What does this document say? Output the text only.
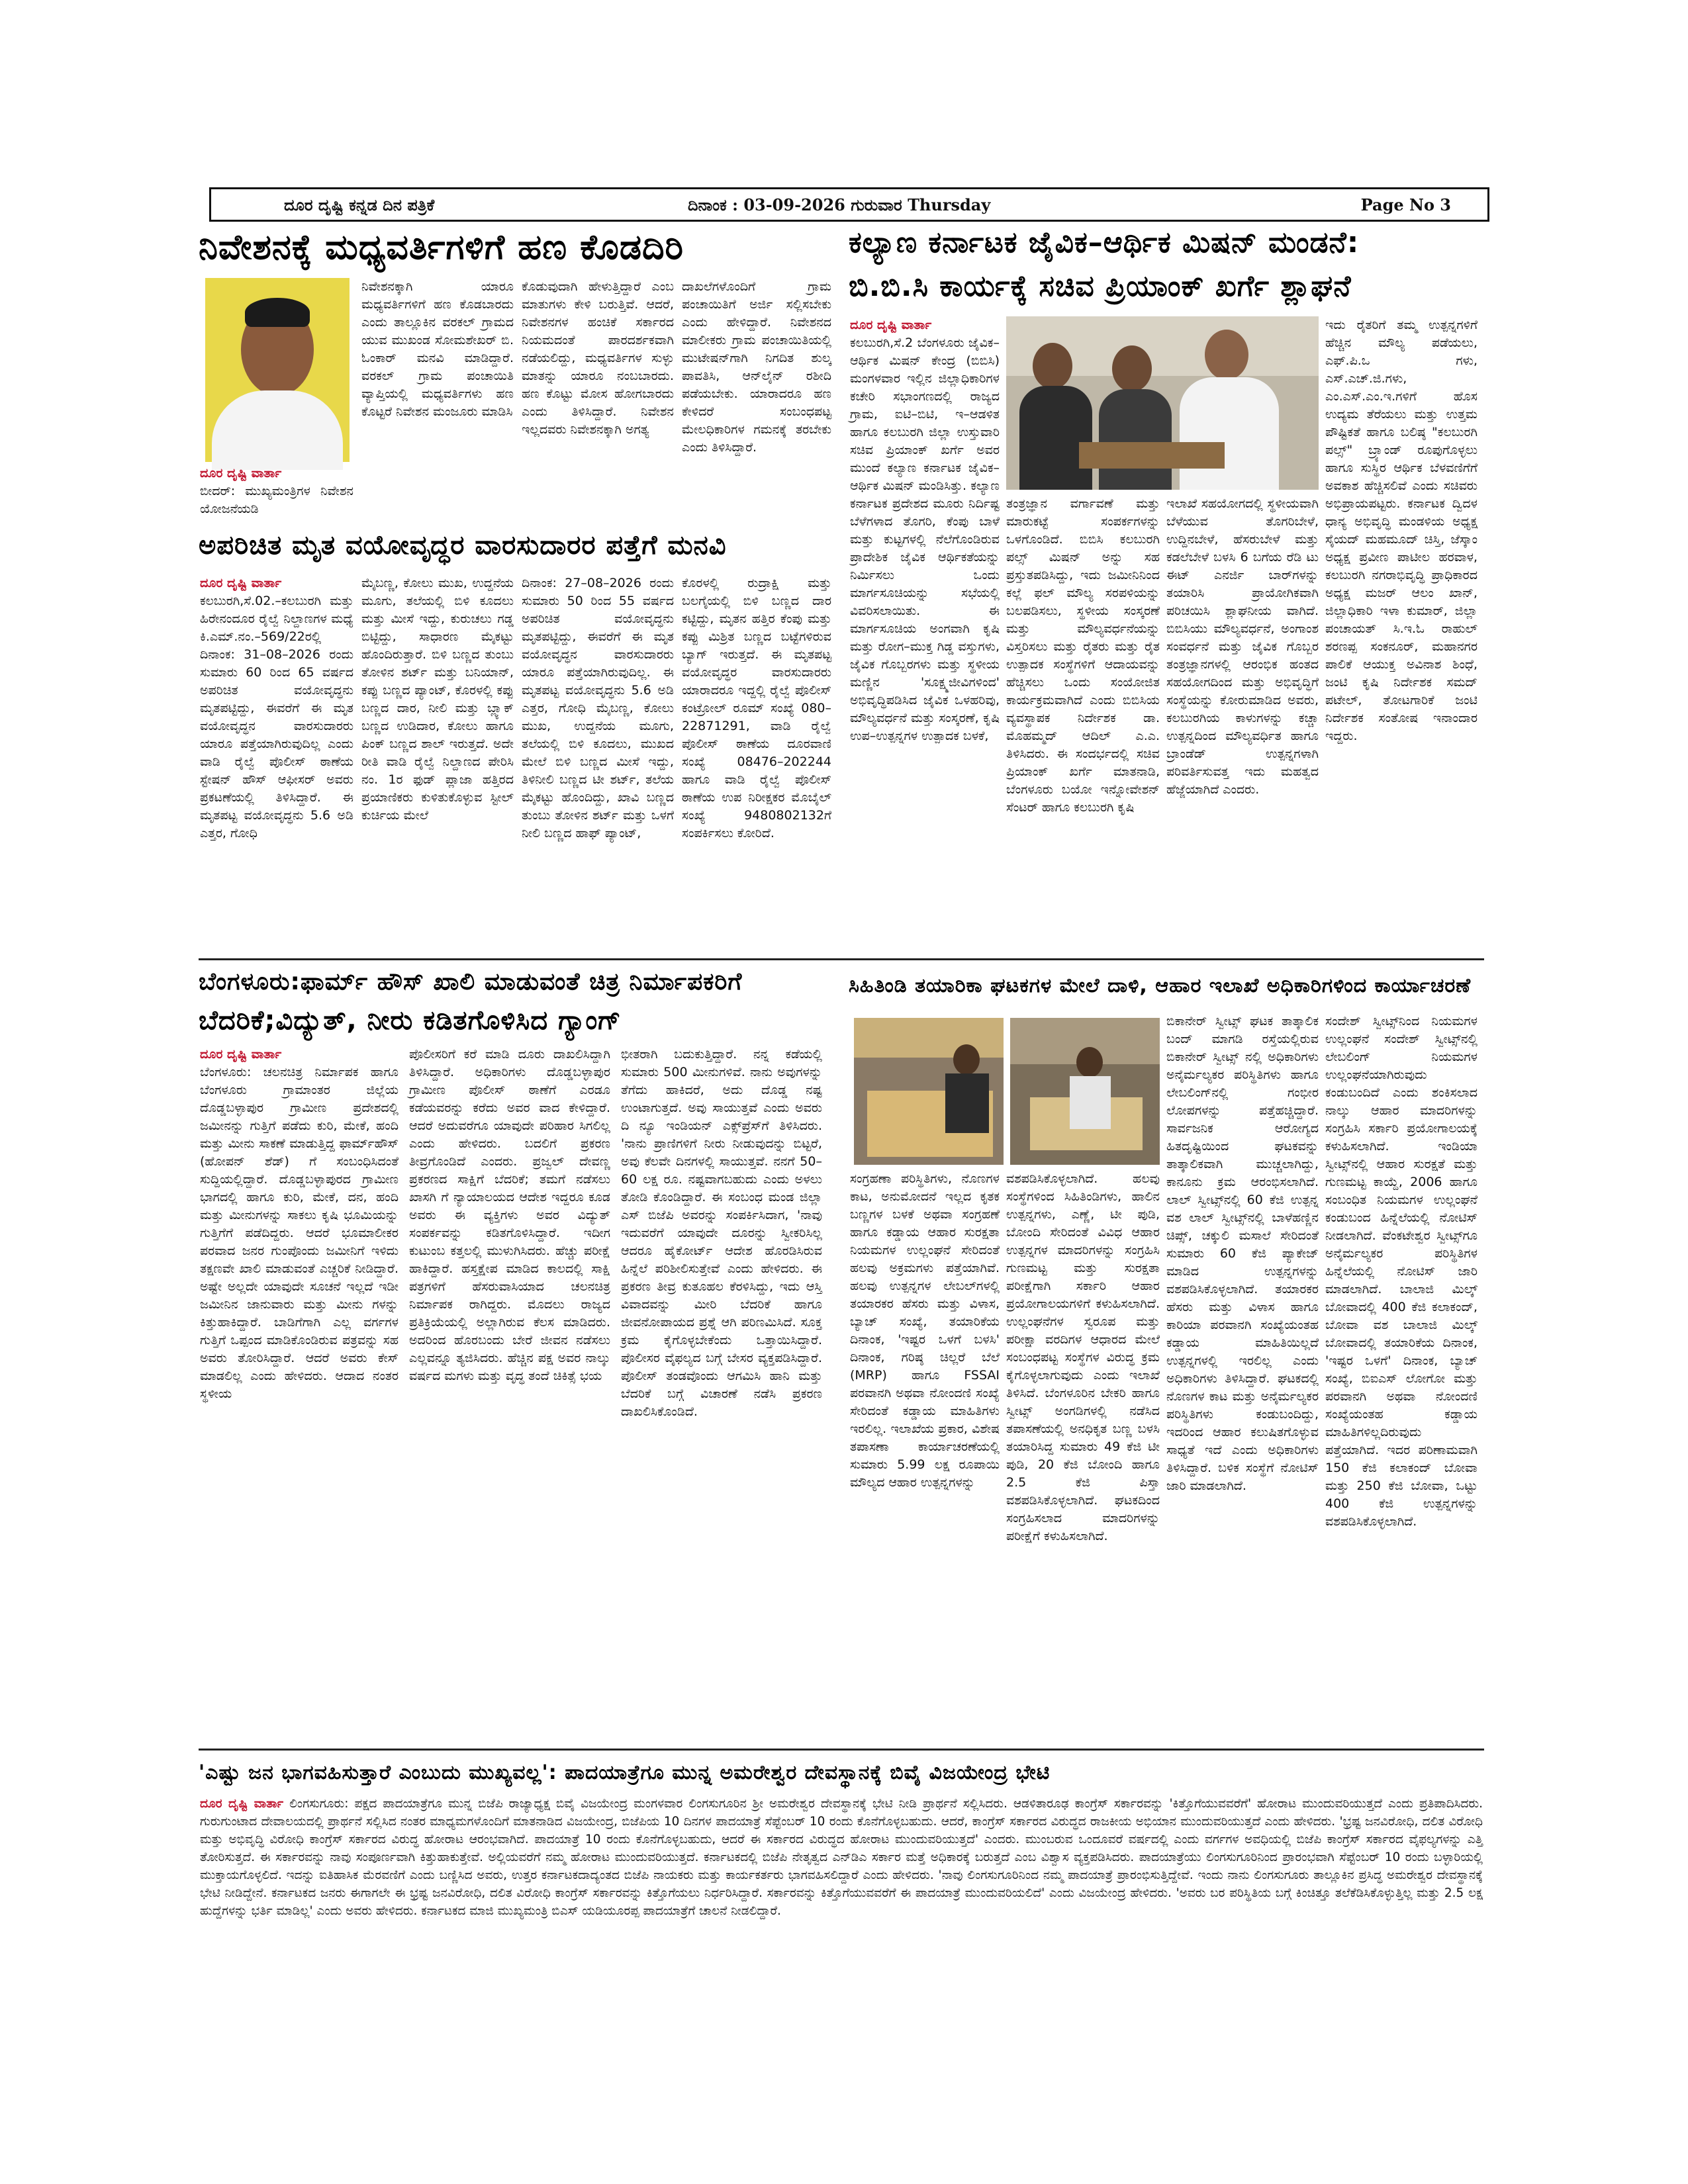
ದೂರ ದೃಷ್ಟಿ ಕನ್ನಡ ದಿನ ಪತ್ರಿಕೆ	ದಿನಾಂಕ : 03-09-2026 ಗುರುವಾರ Thursday	Page No 3
ನಿವೇಶನಕ್ಕೆ ಮಧ್ಯವರ್ತಿಗಳಿಗೆ ಹಣ ಕೊಡದಿರಿ

ದೂರ ದೃಷ್ಟಿ ವಾರ್ತಾ

ಬೀದರ್: ಮುಖ್ಯಮಂತ್ರಿಗಳ ನಿವೇಶನ ಯೋಜನೆಯಡಿ

ನಿವೇಶನಕ್ಕಾಗಿ ಯಾರೂ ಮಧ್ಯವರ್ತಿಗಳಿಗೆ ಹಣ ಕೊಡಬಾರದು ಎಂದು ತಾಲ್ಲೂಕಿನ ವರಕಲ್ ಗ್ರಾಮದ ಯುವ ಮುಖಂಡ ಸೋಮಶೇಖರ್ ಬಿ. ಓಂಕಾರ್ ಮನವಿ ಮಾಡಿದ್ದಾರೆ. ವರಕಲ್ ಗ್ರಾಮ ಪಂಚಾಯಿತಿ ವ್ಯಾಪ್ತಿಯಲ್ಲಿ ಮಧ್ಯವರ್ತಿಗಳು ಹಣ ಕೊಟ್ಟರೆ ನಿವೇಶನ ಮಂಜೂರು ಮಾಡಿಸಿ

ಕೊಡುವುದಾಗಿ ಹೇಳುತ್ತಿದ್ದಾರೆ ಎಂಬ ಮಾತುಗಳು ಕೇಳಿ ಬರುತ್ತಿವೆ. ಆದರೆ, ನಿವೇಶನಗಳ ಹಂಚಿಕೆ ಸರ್ಕಾರದ ನಿಯಮದಂತೆ ಪಾರದರ್ಶಕವಾಗಿ ನಡೆಯಲಿದ್ದು, ಮಧ್ಯವರ್ತಿಗಳ ಸುಳ್ಳು ಮಾತನ್ನು ಯಾರೂ ನಂಬಬಾರದು. ಹಣ ಕೊಟ್ಟು ಮೋಸ ಹೋಗಬಾರದು ಎಂದು ತಿಳಿಸಿದ್ದಾರೆ. ನಿವೇಶನ ಇಲ್ಲದವರು ನಿವೇಶನಕ್ಕಾಗಿ ಅಗತ್ಯ

ದಾಖಲೆಗಳೊಂದಿಗೆ ಗ್ರಾಮ ಪಂಚಾಯಿತಿಗೆ ಅರ್ಜಿ ಸಲ್ಲಿಸಬೇಕು ಎಂದು ಹೇಳಿದ್ದಾರೆ. ನಿವೇಶನದ ಮಾಲೀಕರು ಗ್ರಾಮ ಪಂಚಾಯಿತಿಯಲ್ಲಿ ಮುಟೇಷನ್‌ಗಾಗಿ ನಿಗದಿತ ಶುಲ್ಕ ಪಾವತಿಸಿ, ಆನ್‌ಲೈನ್ ರಶೀದಿ ಪಡೆಯಬೇಕು. ಯಾರಾದರೂ ಹಣ ಕೇಳಿದರೆ ಸಂಬಂಧಪಟ್ಟ ಮೇಲಧಿಕಾರಿಗಳ ಗಮನಕ್ಕೆ ತರಬೇಕು ಎಂದು ತಿಳಿಸಿದ್ದಾರೆ.

ಅಪರಿಚಿತ ಮೃತ ವಯೋವೃದ್ಧರ ವಾರಸುದಾರರ ಪತ್ತೆಗೆ ಮನವಿ

ದೂರ ದೃಷ್ಟಿ ವಾರ್ತಾ

ಕಲಬುರಗಿ,ಸೆ.02.–ಕಲಬುರಗಿ ಮತ್ತು ಹಿರೇನಂದೂರ ರೈಲ್ವೆ ನಿಲ್ದಾಣಗಳ ಮಧ್ಯೆ ಕಿ.ಎಮ್.ನಂ.–569/22ರಲ್ಲಿ ದಿನಾಂಕ: 31–08–2026 ರಂದು ಸುಮಾರು 60 ರಿಂದ 65 ವರ್ಷದ ಅಪರಿಚಿತ ವಯೋವೃದ್ಧನು ಮೃತಪಟ್ಟಿದ್ದು, ಈವರೆಗೆ ಈ ಮೃತ ವಯೋವೃದ್ಧನ ವಾರಸುದಾರರು ಯಾರೂ ಪತ್ತೆಯಾಗಿರುವುದಿಲ್ಲ ಎಂದು ವಾಡಿ ರೈಲ್ವೆ ಪೊಲೀಸ್ ಠಾಣೆಯ ಸ್ಟೇಷನ್ ಹೌಸ್ ಆಫೀಸರ್ ಅವರು ಪ್ರಕಟಣೆಯಲ್ಲಿ ತಿಳಿಸಿದ್ದಾರೆ. ಈ ಮೃತಪಟ್ಟ ವಯೋವೃದ್ಧನು 5.6 ಅಡಿ ಎತ್ತರ, ಗೋಧಿ

ಮೈಬಣ್ಣ, ಕೋಲು ಮುಖ, ಉದ್ದನೆಯ ಮೂಗು, ತಲೆಯಲ್ಲಿ ಬಿಳಿ ಕೂದಲು ಮತ್ತು ಮೀಸೆ ಇದ್ದು, ಕುರುಚಲು ಗಡ್ಡ ಬಿಟ್ಟಿದ್ದು, ಸಾಧಾರಣ ಮೈಕಟ್ಟು ಹೊಂದಿರುತ್ತಾರೆ. ಬಿಳಿ ಬಣ್ಣದ ತುಂಬು ತೋಳಿನ ಶರ್ಟ್ ಮತ್ತು ಬನಿಯಾನ್, ಕಪ್ಪು ಬಣ್ಣದ ಪ್ಯಾಂಟ್, ಕೊರಳಲ್ಲಿ ಕಪ್ಪು ಬಣ್ಣದ ದಾರ, ನೀಲಿ ಮತ್ತು ಬ್ಲ್ಯಾಕ್ ಬಣ್ಣದ ಉಡಿದಾರ, ಕೋಲು ಹಾಗೂ ಪಿಂಕ್ ಬಣ್ಣದ ಶಾಲ್ ಇರುತ್ತದೆ. ಅದೇ ರೀತಿ ವಾಡಿ ರೈಲ್ವೆ ನಿಲ್ದಾಣದ ಪೇರಿಸಿ ನಂ. 1ರ ಫುಡ್ ಪ್ಲಾಜಾ ಹತ್ತಿರದ ಪ್ರಯಾಣಿಕರು ಕುಳಿತುಕೊಳ್ಳುವ ಸ್ಟೀಲ್ ಕುರ್ಚಿಯ ಮೇಲೆ

ದಿನಾಂಕ: 27–08–2026 ರಂದು ಸುಮಾರು 50 ರಿಂದ 55 ವರ್ಷದ ಅಪರಿಚಿತ ವಯೋವೃದ್ಧನು ಮೃತಪಟ್ಟಿದ್ದು, ಈವರೆಗೆ ಈ ಮೃತ ವಯೋವೃದ್ಧನ ವಾರಸುದಾರರು ಯಾರೂ ಪತ್ತೆಯಾಗಿರುವುದಿಲ್ಲ. ಈ ಮೃತಪಟ್ಟ ವಯೋವೃದ್ಧನು 5.6 ಅಡಿ ಎತ್ತರ, ಗೋಧಿ ಮೈಬಣ್ಣ, ಕೋಲು ಮುಖ, ಉದ್ದನೆಯ ಮೂಗು, ತಲೆಯಲ್ಲಿ ಬಿಳಿ ಕೂದಲು, ಮುಖದ ಮೇಲೆ ಬಿಳಿ ಬಣ್ಣದ ಮೀಸೆ ಇದ್ದು, ತಿಳಿನೀಲಿ ಬಣ್ಣದ ಟೀ ಶರ್ಟ್, ತಲೆಯ ಮೈಕಟ್ಟು ಹೊಂದಿದ್ದು, ಖಾವಿ ಬಣ್ಣದ ತುಂಬು ತೋಳಿನ ಶರ್ಟ್ ಮತ್ತು ಒಳಗೆ ನೀಲಿ ಬಣ್ಣದ ಹಾಫ್ ಪ್ಯಾಂಟ್,

ಕೊರಳಲ್ಲಿ ರುದ್ರಾಕ್ಷಿ ಮತ್ತು ಬಲಗೈಯಲ್ಲಿ ಬಿಳಿ ಬಣ್ಣದ ದಾರ ಕಟ್ಟಿದ್ದು, ಮೃತನ ಹತ್ತಿರ ಕೆಂಪು ಮತ್ತು ಕಪ್ಪು ಮಿಶ್ರಿತ ಬಣ್ಣದ ಬಟ್ಟೆಗಳಿರುವ ಬ್ಯಾಗ್ ಇರುತ್ತದೆ. ಈ ಮೃತಪಟ್ಟ ವಯೋವೃದ್ಧರ ವಾರಸುದಾರರು ಯಾರಾದರೂ ಇದ್ದಲ್ಲಿ ರೈಲ್ವೆ ಪೊಲೀಸ್ ಕಂಟ್ರೋಲ್ ರೂಮ್ ಸಂಖ್ಯೆ 080–22871291, ವಾಡಿ ರೈಲ್ವೆ ಪೊಲೀಸ್ ಠಾಣೆಯ ದೂರವಾಣಿ ಸಂಖ್ಯೆ 08476–202244 ಹಾಗೂ ವಾಡಿ ರೈಲ್ವೆ ಪೊಲೀಸ್ ಠಾಣೆಯ ಉಪ ನಿರೀಕ್ಷಕರ ಮೊಬೈಲ್ ಸಂಖ್ಯೆ 9480802132ಗೆ ಸಂಪರ್ಕಿಸಲು ಕೋರಿದೆ.

ಕಲ್ಯಾಣ ಕರ್ನಾಟಕ ಜೈವಿಕ–ಆರ್ಥಿಕ ಮಿಷನ್ ಮಂಡನೆ:
ಬಿ.ಬಿ.ಸಿ ಕಾರ್ಯಕ್ಕೆ ಸಚಿವ ಪ್ರಿಯಾಂಕ್ ಖರ್ಗೆ ಶ್ಲಾಘನೆ

ದೂರ ದೃಷ್ಟಿ ವಾರ್ತಾ

ಕಲಬುರಗಿ,ಸೆ.2 ಬೆಂಗಳೂರು ಜೈವಿಕ–ಆರ್ಥಿಕ ಮಿಷನ್ ಕೇಂದ್ರ (ಬಿಬಿಸಿ) ಮಂಗಳವಾರ ಇಲ್ಲಿನ ಜಿಲ್ಲಾಧಿಕಾರಿಗಳ ಕಚೇರಿ ಸಭಾಂಗಣದಲ್ಲಿ ರಾಜ್ಯದ ಗ್ರಾಮ, ಐಟಿ–ಬಿಟಿ, ಇ–ಆಡಳಿತ ಹಾಗೂ ಕಲಬುರಗಿ ಜಿಲ್ಲಾ ಉಸ್ತುವಾರಿ ಸಚಿವ ಪ್ರಿಯಾಂಕ್ ಖರ್ಗೆ ಅವರ ಮುಂದೆ ಕಲ್ಯಾಣ ಕರ್ನಾಟಕ ಜೈವಿಕ–ಆರ್ಥಿಕ ಮಿಷನ್ ಮಂಡಿಸಿತ್ತು. ಕಲ್ಯಾಣ ಕರ್ನಾಟಕ ಪ್ರದೇಶದ ಮೂರು ನಿರ್ದಿಷ್ಟ ಬೆಳೆಗಳಾದ ತೊಗರಿ, ಕೆಂಪು ಬಾಳೆ ಮತ್ತು ಕುಟ್ಟಗಳಲ್ಲಿ ನೆಲೆಗೊಂಡಿರುವ ಪ್ರಾದೇಶಿಕ ಜೈವಿಕ ಆರ್ಥಿಕತೆಯನ್ನು ನಿರ್ಮಿಸಲು ಒಂದು ಮಾರ್ಗಸೂಚಿಯನ್ನು ಸಭೆಯಲ್ಲಿ ವಿವರಿಸಲಾಯಿತು. ಈ ಮಾರ್ಗಸೂಚಿಯ ಅಂಗವಾಗಿ ಕೃಷಿ ಮತ್ತು ರೋಗ–ಮುಕ್ತ ಗಿಡ್ಡ ವಸ್ತುಗಳು, ಜೈವಿಕ ಗೊಬ್ಬರಗಳು ಮತ್ತು ಸ್ಥಳೀಯ ಮಣ್ಣಿನ 'ಸೂಕ್ಷ್ಮಜೀವಿಗಳಿಂದ' ಅಭಿವೃದ್ಧಿಪಡಿಸಿದ ಜೈವಿಕ ಒಳಹರಿವು, ಮೌಲ್ಯವರ್ಧನೆ ಮತ್ತು ಸಂಸ್ಕರಣೆ, ಕೃಷಿ ಉಪ–ಉತ್ಪನ್ನಗಳ ಉತ್ಪಾದಕ ಬಳಕೆ,

ತಂತ್ರಜ್ಞಾನ ವರ್ಗಾವಣೆ ಮತ್ತು ಮಾರುಕಟ್ಟೆ ಸಂಪರ್ಕಗಳನ್ನು ಒಳಗೊಂಡಿದೆ. ಬಿಬಿಸಿ ಕಲಬುರಗಿ ಪಲ್ಸ್ ಮಿಷನ್ ಅನ್ನು ಸಹ ಪ್ರಸ್ತುತಪಡಿಸಿದ್ದು, ಇದು ಜಮೀನಿನಿಂದ ಕಲ್ಲೆ ಫಲ್ ಮೌಲ್ಯ ಸರಪಳಿಯನ್ನು ಬಲಪಡಿಸಲು, ಸ್ಥಳೀಯ ಸಂಸ್ಕರಣೆ ಮತ್ತು ಮೌಲ್ಯವರ್ಧನೆಯನ್ನು ವಿಸ್ತರಿಸಲು ಮತ್ತು ರೈತರು ಮತ್ತು ರೈತ ಉತ್ಪಾದಕ ಸಂಸ್ಥೆಗಳಿಗೆ ಆದಾಯವನ್ನು ಹೆಚ್ಚಿಸಲು ಒಂದು ಸಂಯೋಜಿತ ಕಾರ್ಯಕ್ರಮವಾಗಿದೆ ಎಂದು ಬಿಬಿಸಿಯ ವ್ಯವಸ್ಥಾಪಕ ನಿರ್ದೇಶಕ ಡಾ. ಮೊಹಮ್ಮದ್ ಆದಿಲ್ ಎ.ಎ. ತಿಳಿಸಿದರು. ಈ ಸಂದರ್ಭದಲ್ಲಿ ಸಚಿವ ಪ್ರಿಯಾಂಕ್ ಖರ್ಗೆ ಮಾತನಾಡಿ, ಬೆಂಗಳೂರು ಬಯೋ ಇನ್ನೋವೇಶನ್ ಸೆಂಟರ್ ಹಾಗೂ ಕಲಬುರಗಿ ಕೃಷಿ

ಇಲಾಖೆ ಸಹಯೋಗದಲ್ಲಿ ಸ್ಥಳೀಯವಾಗಿ ಬೆಳೆಯುವ ತೊಗರಿಬೇಳೆ, ಉದ್ದಿನಬೇಳೆ, ಹೆಸರುಬೇಳೆ ಮತ್ತು ಕಡಲೆಬೇಳೆ ಬಳಸಿ 6 ಬಗೆಯ ರೆಡಿ ಟು ಈಟ್ ಎನರ್ಜಿ ಬಾರ್‌ಗಳನ್ನು ತಯಾರಿಸಿ ಪ್ರಾಯೋಗಿಕವಾಗಿ ಪರಿಚಯಿಸಿ ಶ್ಲಾಘನೀಯ ವಾಗಿದೆ. ಬಿಬಿಸಿಯು ಮೌಲ್ಯವರ್ಧನೆ, ಅಂಗಾಂಶ ಸಂವರ್ಧನೆ ಮತ್ತು ಜೈವಿಕ ಗೊಬ್ಬರ ತಂತ್ರಜ್ಞಾನಗಳಲ್ಲಿ ಆರಂಭಿಕ ಹಂತದ ಸಹಯೋಗದಿಂದ ಮತ್ತು ಅಭಿವೃದ್ಧಿಗೆ ಸಂಸ್ಥೆಯನ್ನು ಕೋರುಮಾಡಿದ ಅವರು, ಕಲಬುರಗಿಯ ಕಾಳುಗಳನ್ನು ಕಚ್ಚಾ ಉತ್ಪನ್ನದಿಂದ ಮೌಲ್ಯವರ್ಧಿತ ಹಾಗೂ ಬ್ರಾಂಡೆಡ್ ಉತ್ಪನ್ನಗಳಾಗಿ ಪರಿವರ್ತಿಸುವತ್ತ ಇದು ಮಹತ್ವದ ಹೆಜ್ಜೆಯಾಗಿದೆ ಎಂದರು.

ಇದು ರೈತರಿಗೆ ತಮ್ಮ ಉತ್ಪನ್ನಗಳಿಗೆ ಹೆಚ್ಚಿನ ಮೌಲ್ಯ ಪಡೆಯಲು, ಎಫ್.ಪಿ.ಒ ಗಳು, ಎಸ್.ಎಚ್.ಜಿ.ಗಳು, ಎಂ.ಎಸ್.ಎಂ.ಇ.ಗಳಿಗೆ ಹೊಸ ಉದ್ಯಮ ತೆರೆಯಲು ಮತ್ತು ಉತ್ತಮ ಪೌಷ್ಟಿಕತೆ ಹಾಗೂ ಬಲಿಷ್ಠ "ಕಲಬುರಗಿ ಪಲ್ಸ್" ಬ್ರ್ಯಾಂಡ್ ರೂಪುಗೊಳ್ಳಲು ಹಾಗೂ ಸುಸ್ಥಿರ ಆರ್ಥಿಕ ಬೆಳವಣಿಗೆಗೆ ಅವಕಾಶ ಹೆಚ್ಚಿಸಲಿವೆ ಎಂದು ಸಚಿವರು ಅಭಿಪ್ರಾಯಪಟ್ಟರು. ಕರ್ನಾಟಕ ದ್ವಿದಳ ಧಾನ್ಯ ಅಭಿವೃದ್ಧಿ ಮಂಡಳಿಯ ಅಧ್ಯಕ್ಷ ಸೈಯದ್ ಮಹಮೂದ್ ಚಿಸ್ತಿ, ಜೆಸ್ಕಾಂ ಅಧ್ಯಕ್ಷ ಪ್ರವೀಣ ಪಾಟೀಲ ಹರವಾಳ, ಕಲಬುರಗಿ ನಗರಾಭಿವೃದ್ಧಿ ಪ್ರಾಧಿಕಾರದ ಅಧ್ಯಕ್ಷ ಮಜರ್ ಆಲಂ ಖಾನ್, ಜಿಲ್ಲಾಧಿಕಾರಿ ಇಳಾ ಕುಮಾರ್, ಜಿಲ್ಲಾ ಪಂಚಾಯತ್ ಸಿ.ಇ.ಓ ರಾಹುಲ್ ಶರಣಪ್ಪ ಸಂಕನೂರ್, ಮಹಾನಗರ ಪಾಲಿಕೆ ಆಯುಕ್ತ ಅವಿನಾಶ ಶಿಂಧೆ, ಜಂಟಿ ಕೃಷಿ ನಿರ್ದೇಶಕ ಸಮದ್ ಪಟೇಲ್, ತೋಟಗಾರಿಕೆ ಜಂಟಿ ನಿರ್ದೇಶಕ ಸಂತೋಷ ಇನಾಂದಾರ ಇದ್ದರು.

ಬೆಂಗಳೂರು:ಫಾರ್ಮ್ ಹೌಸ್ ಖಾಲಿ ಮಾಡುವಂತೆ ಚಿತ್ರ ನಿರ್ಮಾಪಕರಿಗೆ
ಬೆದರಿಕೆ;ವಿದ್ಯುತ್, ನೀರು ಕಡಿತಗೊಳಿಸಿದ ಗ್ಯಾಂಗ್

ದೂರ ದೃಷ್ಟಿ ವಾರ್ತಾ

ಬೆಂಗಳೂರು: ಚಲನಚಿತ್ರ ನಿರ್ಮಾಪಕ ಹಾಗೂ ಬೆಂಗಳೂರು ಗ್ರಾಮಾಂತರ ಜಿಲ್ಲೆಯ ದೊಡ್ಡಬಳ್ಳಾಪುರ ಗ್ರಾಮೀಣ ಪ್ರದೇಶದಲ್ಲಿ ಜಮೀನನ್ನು ಗುತ್ತಿಗೆ ಪಡೆದು ಕುರಿ, ಮೇಕೆ, ಹಂದಿ ಮತ್ತು ಮೀನು ಸಾಕಣೆ ಮಾಡುತ್ತಿದ್ದ ಫಾರ್ಮ್‌ಹೌಸ್ (ಹೋಪನ್ ಶೆಡ್) ಗೆ ಸಂಬಂಧಿಸಿದಂತೆ ಸುದ್ದಿಯಲ್ಲಿದ್ದಾರೆ. ದೊಡ್ಡಬಳ್ಳಾಪುರದ ಗ್ರಾಮೀಣ ಭಾಗದಲ್ಲಿ ಹಾಗೂ ಕುರಿ, ಮೇಕೆ, ದನ, ಹಂದಿ ಮತ್ತು ಮೀನುಗಳನ್ನು ಸಾಕಲು ಕೃಷಿ ಭೂಮಿಯನ್ನು ಗುತ್ತಿಗೆಗೆ ಪಡೆದಿದ್ದರು. ಆದರೆ ಭೂಮಾಲೀಕರ ಪರವಾದ ಜನರ ಗುಂಪೊಂದು ಜಮೀನಿಗೆ ಇಳಿದು ತಕ್ಷಣವೇ ಖಾಲಿ ಮಾಡುವಂತೆ ಎಚ್ಚರಿಕೆ ನೀಡಿದ್ದಾರೆ. ಅಷ್ಟೇ ಅಲ್ಲದೇ ಯಾವುದೇ ಸೂಚನೆ ಇಲ್ಲದೆ ಇಡೀ ಜಮೀನಿನ ಜಾನುವಾರು ಮತ್ತು ಮೀನು ಗಳನ್ನು ಕಿತ್ತುಹಾಕಿದ್ದಾರೆ. ಬಾಡಿಗೆಗಾಗಿ ಎಲ್ಲ ವರ್ಗಗಳ ಗುತ್ತಿಗೆ ಒಪ್ಪಂದ ಮಾಡಿಕೊಂಡಿರುವ ಪತ್ರವನ್ನು ಸಹ ಅವರು ತೋರಿಸಿದ್ದಾರೆ. ಆದರೆ ಅವರು ಕೇಸ್ ಮಾಡಲಿಲ್ಲ ಎಂದು ಹೇಳಿದರು. ಆದಾದ ನಂತರ ಸ್ಥಳೀಯ

ಪೊಲೀಸರಿಗೆ ಕರೆ ಮಾಡಿ ದೂರು ದಾಖಲಿಸಿದ್ದಾಗಿ ತಿಳಿಸಿದ್ದಾರೆ. ಅಧಿಕಾರಿಗಳು ದೊಡ್ಡಬಳ್ಳಾಪುರ ಗ್ರಾಮೀಣ ಪೊಲೀಸ್ ಠಾಣೆಗೆ ಎರಡೂ ಕಡೆಯವರನ್ನು ಕರೆದು ಅವರ ವಾದ ಕೇಳಿದ್ದಾರೆ. ಆದರೆ ಅದುವರೆಗೂ ಯಾವುದೇ ಪರಿಹಾರ ಸಿಗಲಿಲ್ಲ ಎಂದು ಹೇಳಿದರು. ಬದಲಿಗೆ ಪ್ರಕರಣ ತೀವ್ರಗೊಂಡಿದೆ ಎಂದರು. ಪ್ರಜ್ವಲ್ ದೇವಣ್ಣ ಪ್ರಕರಣದ ಸಾಕ್ಷಿಗೆ ಬೆದರಿಕೆ; ತಮಗೆ ನಡೆಸಲು ಖಾಸಗಿ ಗೆ ನ್ಯಾಯಾಲಯದ ಆದೇಶ ಇದ್ದರೂ ಕೂಡ ಅವರು ಈ ವ್ಯಕ್ತಿಗಳು ಅವರ ವಿದ್ಯುತ್ ಸಂಪರ್ಕವನ್ನು ಕಡಿತಗೊಳಿಸಿದ್ದಾರೆ. ಇದೀಗ ಕುಟುಂಬ ಕತ್ತಲಲ್ಲಿ ಮುಳುಗಿಸಿದರು. ಹೆಚ್ಚು ಪರೀಕ್ಷೆ ಹಾಕಿದ್ದಾರೆ. ಹಸ್ತಕ್ಷೇಪ ಮಾಡಿದ ಕಾಲದಲ್ಲಿ ಸಾಕ್ಷಿ ಪತ್ರಗಳಿಗೆ ಹೆಸರುವಾಸಿಯಾದ ಚಲನಚಿತ್ರ ನಿರ್ಮಾಪಕ ರಾಗಿದ್ದರು. ಮೊದಲು ರಾಜ್ಯದ ಪ್ರತಿಕ್ರಿಯೆಯಲ್ಲಿ ಅಲ್ಲಾಗಿರುವ ಕೆಲಸ ಮಾಡಿದರು. ಅದರಿಂದ ಹೊರಬಂದು ಬೇರೆ ಜೀವನ ನಡೆಸಲು ಎಲ್ಲವನ್ನೂ ತ್ಯಜಿಸಿದರು. ಹೆಚ್ಚಿನ ಪಕ್ಷ ಅವರ ನಾಲ್ಕು ವರ್ಷದ ಮಗಳು ಮತ್ತು ವೃದ್ಧ ತಂದೆ ಚಿಕಿತ್ಸೆ ಭಯ

ಭೀತರಾಗಿ ಬದುಕುತ್ತಿದ್ದಾರೆ. ನನ್ನ ಕಡೆಯಲ್ಲಿ ಸುಮಾರು 500 ಮೀನುಗಳಿವೆ. ನಾನು ಅವುಗಳನ್ನು ತೆಗೆದು ಹಾಕಿದರೆ, ಅದು ದೊಡ್ಡ ನಷ್ಟ ಉಂಟಾಗುತ್ತದೆ. ಅವು ಸಾಯುತ್ತವೆ ಎಂದು ಅವರು ದಿ ನ್ಯೂ ಇಂಡಿಯನ್ ಎಕ್ಸ್‌ಪ್ರೆಸ್‌ಗೆ ತಿಳಿಸಿದರು. 'ನಾನು ಪ್ರಾಣಿಗಳಿಗೆ ನೀರು ನೀಡುವುದನ್ನು ಬಿಟ್ಟರೆ, ಅವು ಕೆಲವೇ ದಿನಗಳಲ್ಲಿ ಸಾಯುತ್ತವೆ. ನನಗೆ 50–60 ಲಕ್ಷ ರೂ. ನಷ್ಟವಾಗಬಹುದು ಎಂದು ಅಳಲು ತೋಡಿ ಕೊಂಡಿದ್ದಾರೆ. ಈ ಸಂಬಂಧ ಮಂಡ ಜಿಲ್ಲಾ ಎಸ್ ಬಿಜೆಪಿ ಅವರನ್ನು ಸಂಪರ್ಕಿಸಿದಾಗ, 'ನಾವು ಇದುವರೆಗೆ ಯಾವುದೇ ದೂರನ್ನು ಸ್ವೀಕರಿಸಿಲ್ಲ ಆದರೂ ಹೈಕೋರ್ಟ್ ಆದೇಶ ಹೊರಡಿಸಿರುವ ಹಿನ್ನೆಲೆ ಪರಿಶೀಲಿಸುತ್ತೇವೆ ಎಂದು ಹೇಳಿದರು. ಈ ಪ್ರಕರಣ ತೀವ್ರ ಕುತೂಹಲ ಕೆರಳಿಸಿದ್ದು, ಇದು ಆಸ್ತಿ ವಿವಾದವನ್ನು ಮೀರಿ ಬೆದರಿಕೆ ಹಾಗೂ ಜೀವನೋಪಾಯದ ಪ್ರಶ್ನೆ ಆಗಿ ಪರಿಣಮಿಸಿದೆ. ಸೂಕ್ತ ಕ್ರಮ ಕೈಗೊಳ್ಳಬೇಕೆಂದು ಒತ್ತಾಯಿಸಿದ್ದಾರೆ. ಪೊಲೀಸರ ವೈಫಲ್ಯದ ಬಗ್ಗೆ ಬೇಸರ ವ್ಯಕ್ತಪಡಿಸಿದ್ದಾರೆ. ಪೊಲೀಸ್ ತಂಡವೊಂದು ಆಗಮಿಸಿ ಹಾನಿ ಮತ್ತು ಬೆದರಿಕೆ ಬಗ್ಗೆ ವಿಚಾರಣೆ ನಡೆಸಿ ಪ್ರಕರಣ ದಾಖಲಿಸಿಕೊಂಡಿದೆ.

ಸಿಹಿತಿಂಡಿ ತಯಾರಿಕಾ ಘಟಕಗಳ ಮೇಲೆ ದಾಳಿ, ಆಹಾರ ಇಲಾಖೆ ಅಧಿಕಾರಿಗಳಿಂದ ಕಾರ್ಯಾಚರಣೆ

ಸಂಗ್ರಹಣಾ ಪರಿಸ್ಥಿತಿಗಳು, ನೊಣಗಳ ಕಾಟ, ಅನುಮೋದನೆ ಇಲ್ಲದ ಕೃತಕ ಬಣ್ಣಗಳ ಬಳಕೆ ಅಥವಾ ಸಂಗ್ರಹಣೆ ಹಾಗೂ ಕಡ್ಡಾಯ ಆಹಾರ ಸುರಕ್ಷತಾ ನಿಯಮಗಳ ಉಲ್ಲಂಘನೆ ಸೇರಿದಂತೆ ಹಲವು ಅಕ್ರಮಗಳು ಪತ್ತೆಯಾಗಿವೆ. ಹಲವು ಉತ್ಪನ್ನಗಳ ಲೇಬಲ್‌ಗಳಲ್ಲಿ ತಯಾರಕರ ಹೆಸರು ಮತ್ತು ವಿಳಾಸ, ಬ್ಯಾಚ್ ಸಂಖ್ಯೆ, ತಯಾರಿಕೆಯ ದಿನಾಂಕ, 'ಇಷ್ಟರ ಒಳಗೆ ಬಳಸಿ' ದಿನಾಂಕ, ಗರಿಷ್ಠ ಚಿಲ್ಲರೆ ಬೆಲೆ (MRP) ಹಾಗೂ FSSAI ಪರವಾನಗಿ ಅಥವಾ ನೋಂದಣಿ ಸಂಖ್ಯೆ ಸೇರಿದಂತೆ ಕಡ್ಡಾಯ ಮಾಹಿತಿಗಳು ಇರಲಿಲ್ಲ. ಇಲಾಖೆಯ ಪ್ರಕಾರ, ವಿಶೇಷ ತಪಾಸಣಾ ಕಾರ್ಯಾಚರಣೆಯಲ್ಲಿ ಸುಮಾರು 5.99 ಲಕ್ಷ ರೂಪಾಯಿ ಮೌಲ್ಯದ ಆಹಾರ ಉತ್ಪನ್ನಗಳನ್ನು

ವಶಪಡಿಸಿಕೊಳ್ಳಲಾಗಿದೆ. ಹಲವು ಸಂಸ್ಥೆಗಳಿಂದ ಸಿಹಿತಿಂಡಿಗಳು, ಹಾಲಿನ ಉತ್ಪನ್ನಗಳು, ಎಣ್ಣೆ, ಟೀ ಪುಡಿ, ಬೋಂದಿ ಸೇರಿದಂತೆ ವಿವಿಧ ಆಹಾರ ಉತ್ಪನ್ನಗಳ ಮಾದರಿಗಳನ್ನು ಸಂಗ್ರಹಿಸಿ ಗುಣಮಟ್ಟ ಮತ್ತು ಸುರಕ್ಷತಾ ಪರೀಕ್ಷೆಗಾಗಿ ಸರ್ಕಾರಿ ಆಹಾರ ಪ್ರಯೋಗಾಲಯಗಳಿಗೆ ಕಳುಹಿಸಲಾಗಿದೆ. ಉಲ್ಲಂಘನೆಗಳ ಸ್ವರೂಪ ಮತ್ತು ಪರೀಕ್ಷಾ ವರದಿಗಳ ಆಧಾರದ ಮೇಲೆ ಸಂಬಂಧಪಟ್ಟ ಸಂಸ್ಥೆಗಳ ವಿರುದ್ಧ ಕ್ರಮ ಕೈಗೊಳ್ಳಲಾಗುವುದು ಎಂದು ಇಲಾಖೆ ತಿಳಿಸಿದೆ. ಬೆಂಗಳೂರಿನ ಬೇಕರಿ ಹಾಗೂ ಸ್ವೀಟ್ಸ್ ಅಂಗಡಿಗಳಲ್ಲಿ ನಡೆಸಿದ ತಪಾಸಣೆಯಲ್ಲಿ ಅನಧಿಕೃತ ಬಣ್ಣ ಬಳಸಿ ತಯಾರಿಸಿದ್ದ ಸುಮಾರು 49 ಕೆಜಿ ಟೀ ಪುಡಿ, 20 ಕೆಜಿ ಬೋಂದಿ ಹಾಗೂ 2.5 ಕೆಜಿ ಪಿಸ್ತಾ ವಶಪಡಿಸಿಕೊಳ್ಳಲಾಗಿದೆ. ಘಟಕದಿಂದ ಸಂಗ್ರಹಿಸಲಾದ ಮಾದರಿಗಳನ್ನು ಪರೀಕ್ಷೆಗೆ ಕಳುಹಿಸಲಾಗಿದೆ.

ಬಿಕಾನೇರ್ ಸ್ವೀಟ್ಸ್ ಘಟಕ ತಾತ್ಕಾಲಿಕ ಬಂದ್ ಮಾಗಡಿ ರಸ್ತೆಯಲ್ಲಿರುವ ಬಿಕಾನೇರ್ ಸ್ವೀಟ್ಸ್ ನಲ್ಲಿ ಅಧಿಕಾರಿಗಳು ಅನೈರ್ಮಲ್ಯಕರ ಪರಿಸ್ಥಿತಿಗಳು ಹಾಗೂ ಲೇಬಲಿಂಗ್‌ನಲ್ಲಿ ಗಂಭೀರ ಲೋಪಗಳನ್ನು ಪತ್ತೆಹಚ್ಚಿದ್ದಾರೆ. ಸಾರ್ವಜನಿಕ ಆರೋಗ್ಯದ ಹಿತದೃಷ್ಟಿಯಿಂದ ಘಟಕವನ್ನು ತಾತ್ಕಾಲಿಕವಾಗಿ ಮುಚ್ಚಲಾಗಿದ್ದು, ಕಾನೂನು ಕ್ರಮ ಆರಂಭಿಸಲಾಗಿದೆ. ಲಾಲ್ ಸ್ವೀಟ್ಸ್‌ನಲ್ಲಿ 60 ಕೆಜಿ ಉತ್ಪನ್ನ ವಶ ಲಾಲ್ ಸ್ವೀಟ್ಸ್‌ನಲ್ಲಿ ಬಾಳೆಹಣ್ಣಿನ ಚಿಪ್ಸ್, ಚಕ್ಕುಲಿ ಮಸಾಲೆ ಸೇರಿದಂತೆ ಸುಮಾರು 60 ಕೆಜಿ ಪ್ಯಾಕೇಜ್ ಮಾಡಿದ ಉತ್ಪನ್ನಗಳನ್ನು ವಶಪಡಿಸಿಕೊಳ್ಳಲಾಗಿದೆ. ತಯಾರಕರ ಹೆಸರು ಮತ್ತು ವಿಳಾಸ ಹಾಗೂ ಕಾರಿಯಾ ಪರವಾನಗಿ ಸಂಖ್ಯೆಯಂತಹ ಕಡ್ಡಾಯ ಮಾಹಿತಿಯಿಲ್ಲದೆ ಉತ್ಪನ್ನಗಳಲ್ಲಿ ಇರಲಿಲ್ಲ ಎಂದು ಅಧಿಕಾರಿಗಳು ತಿಳಿಸಿದ್ದಾರೆ. ಘಟಕದಲ್ಲಿ ನೊಣಗಳ ಕಾಟ ಮತ್ತು ಅನೈರ್ಮಲ್ಯಕರ ಪರಿಸ್ಥಿತಿಗಳು ಕಂಡುಬಂದಿದ್ದು, ಇದರಿಂದ ಆಹಾರ ಕಲುಷಿತಗೊಳ್ಳುವ ಸಾಧ್ಯತೆ ಇದೆ ಎಂದು ಅಧಿಕಾರಿಗಳು ತಿಳಿಸಿದ್ದಾರೆ. ಬಳಿಕ ಸಂಸ್ಥೆಗೆ ನೋಟಿಸ್ ಜಾರಿ ಮಾಡಲಾಗಿದೆ.

ಸಂದೇಶ್ ಸ್ವೀಟ್ಸ್‌ನಿಂದ ನಿಯಮಗಳ ಉಲ್ಲಂಘನೆ ಸಂದೇಶ್ ಸ್ವೀಟ್ಸ್‌ನಲ್ಲಿ ಲೇಬಲಿಂಗ್ ನಿಯಮಗಳ ಉಲ್ಲಂಘನೆಯಾಗಿರುವುದು ಕಂಡುಬಂದಿದೆ ಎಂದು ಶಂಕಿಸಲಾದ ನಾಲ್ಕು ಆಹಾರ ಮಾದರಿಗಳನ್ನು ಸಂಗ್ರಹಿಸಿ ಸರ್ಕಾರಿ ಪ್ರಯೋಗಾಲಯಕ್ಕೆ ಕಳುಹಿಸಲಾಗಿದೆ. ಇಂಡಿಯಾ ಸ್ವೀಟ್ಸ್‌ನಲ್ಲಿ ಆಹಾರ ಸುರಕ್ಷತೆ ಮತ್ತು ಗುಣಮಟ್ಟ ಕಾಯ್ದೆ, 2006 ಹಾಗೂ ಸಂಬಂಧಿತ ನಿಯಮಗಳ ಉಲ್ಲಂಘನೆ ಕಂಡುಬಂದ ಹಿನ್ನೆಲೆಯಲ್ಲಿ ನೋಟಿಸ್ ನೀಡಲಾಗಿದೆ. ವೆಂಕಟೇಶ್ವರ ಸ್ವೀಟ್ಸ್‌ಗೂ ಅನೈರ್ಮಲ್ಯಕರ ಪರಿಸ್ಥಿತಿಗಳ ಹಿನ್ನೆಲೆಯಲ್ಲಿ ನೋಟಿಸ್ ಜಾರಿ ಮಾಡಲಾಗಿದೆ. ಬಾಲಾಜಿ ಮಿಲ್ಕ್ ಬೋವಾದಲ್ಲಿ 400 ಕೆಜಿ ಕಲಾಕಂದ್, ಬೋವಾ ವಶ ಬಾಲಾಜಿ ಮಿಲ್ಕ್ ಬೋವಾದಲ್ಲಿ ತಯಾರಿಕೆಯ ದಿನಾಂಕ, 'ಇಷ್ಟರ ಒಳಗೆ' ದಿನಾಂಕ, ಬ್ಯಾಚ್ ಸಂಖ್ಯೆ, ಬಿಐಎಸ್ ಲೋಗೋ ಮತ್ತು ಪರವಾನಗಿ ಅಥವಾ ನೋಂದಣಿ ಸಂಖ್ಯೆಯಂತಹ ಕಡ್ಡಾಯ ಮಾಹಿತಿಗಳಿಲ್ಲದಿರುವುದು ಪತ್ತೆಯಾಗಿದೆ. ಇದರ ಪರಿಣಾಮವಾಗಿ 150 ಕೆಜಿ ಕಲಾಕಂದ್ ಬೋವಾ ಮತ್ತು 250 ಕೆಜಿ ಬೋವಾ, ಒಟ್ಟು 400 ಕೆಜಿ ಉತ್ಪನ್ನಗಳನ್ನು ವಶಪಡಿಸಿಕೊಳ್ಳಲಾಗಿದೆ.

'ಎಷ್ಟು ಜನ ಭಾಗವಹಿಸುತ್ತಾರೆ ಎಂಬುದು ಮುಖ್ಯವಲ್ಲ': ಪಾದಯಾತ್ರೆಗೂ ಮುನ್ನ ಅಮರೇಶ್ವರ ದೇವಸ್ಥಾನಕ್ಕೆ ಬಿವೈ ವಿಜಯೇಂದ್ರ ಭೇಟಿ

ದೂರ ದೃಷ್ಟಿ ವಾರ್ತಾ ಲಿಂಗಸುಗೂರು: ಪಕ್ಷದ ಪಾದಯಾತ್ರೆಗೂ ಮುನ್ನ ಬಿಜೆಪಿ ರಾಜ್ಯಾಧ್ಯಕ್ಷ ಬಿವೈ ವಿಜಯೇಂದ್ರ ಮಂಗಳವಾರ ಲಿಂಗಸುಗೂರಿನ ಶ್ರೀ ಅಮರೇಶ್ವರ ದೇವಸ್ಥಾನಕ್ಕೆ ಭೇಟಿ ನೀಡಿ ಪ್ರಾರ್ಥನೆ ಸಲ್ಲಿಸಿದರು. ಆಡಳಿತಾರೂಢ ಕಾಂಗ್ರೆಸ್ ಸರ್ಕಾರವನ್ನು 'ಕಿತ್ತೊಗೆಯುವವರೆಗೆ' ಹೋರಾಟ ಮುಂದುವರಿಯುತ್ತದೆ ಎಂದು ಪ್ರತಿಪಾದಿಸಿದರು. ಗುರುಗುಂಟಾದ ದೇವಾಲಯದಲ್ಲಿ ಪ್ರಾರ್ಥನೆ ಸಲ್ಲಿಸಿದ ನಂತರ ಮಾಧ್ಯಮಗಳೊಂದಿಗೆ ಮಾತನಾಡಿದ ವಿಜಯೇಂದ್ರ, ಬಿಜೆಪಿಯ 10 ದಿನಗಳ ಪಾದಯಾತ್ರೆ ಸೆಪ್ಟೆಂಬರ್ 10 ರಂದು ಕೊನೆಗೊಳ್ಳಬಹುದು. ಆದರೆ, ಕಾಂಗ್ರೆಸ್ ಸರ್ಕಾರದ ವಿರುದ್ಧದ ರಾಜಕೀಯ ಅಭಿಯಾನ ಮುಂದುವರಿಯುತ್ತದೆ ಎಂದು ಹೇಳಿದರು. 'ಭ್ರಷ್ಟ ಜನವಿರೋಧಿ, ದಲಿತ ವಿರೋಧಿ ಮತ್ತು ಅಭಿವೃದ್ಧಿ ವಿರೋಧಿ ಕಾಂಗ್ರೆಸ್ ಸರ್ಕಾರದ ವಿರುದ್ಧ ಹೋರಾಟ ಆರಂಭವಾಗಿದೆ. ಪಾದಯಾತ್ರೆ 10 ರಂದು ಕೊನೆಗೊಳ್ಳಬಹುದು, ಆದರೆ ಈ ಸರ್ಕಾರದ ವಿರುದ್ಧದ ಹೋರಾಟ ಮುಂದುವರಿಯುತ್ತದೆ' ಎಂದರು. ಮುಂಬರುವ ಒಂದೂವರೆ ವರ್ಷದಲ್ಲಿ ಎಂದು ವರ್ಗಗಳ ಅವಧಿಯಲ್ಲಿ ಬಿಜೆಪಿ ಕಾಂಗ್ರೆಸ್ ಸರ್ಕಾರದ ವೈಫಲ್ಯಗಳನ್ನು ಎತ್ತಿ ತೋರಿಸುತ್ತದೆ. ಈ ಸರ್ಕಾರವನ್ನು ನಾವು ಸಂಪೂರ್ಣವಾಗಿ ಕಿತ್ತುಹಾಕುತ್ತೇವೆ. ಅಲ್ಲಿಯವರೆಗೆ ನಮ್ಮ ಹೋರಾಟ ಮುಂದುವರಿಯುತ್ತದೆ. ಕರ್ನಾಟಕದಲ್ಲಿ ಬಿಜೆಪಿ ನೇತೃತ್ವದ ಎನ್‌ಡಿಎ ಸರ್ಕಾರ ಮತ್ತೆ ಅಧಿಕಾರಕ್ಕೆ ಬರುತ್ತದೆ ಎಂಬ ವಿಶ್ವಾಸ ವ್ಯಕ್ತಪಡಿಸಿದರು. ಪಾದಯಾತ್ರೆಯು ಲಿಂಗಸುಗೂರಿನಿಂದ ಪ್ರಾರಂಭವಾಗಿ ಸೆಪ್ಟೆಂಬರ್ 10 ರಂದು ಬಳ್ಳಾರಿಯಲ್ಲಿ ಮುಕ್ತಾಯಗೊಳ್ಳಲಿದೆ. ಇದನ್ನು ಐತಿಹಾಸಿಕ ಮೆರವಣಿಗೆ ಎಂದು ಬಣ್ಣಿಸಿದ ಅವರು, ಉತ್ತರ ಕರ್ನಾಟಕದಾದ್ಯಂತದ ಬಿಜೆಪಿ ನಾಯಕರು ಮತ್ತು ಕಾರ್ಯಕರ್ತರು ಭಾಗವಹಿಸಲಿದ್ದಾರೆ ಎಂದು ಹೇಳಿದರು. 'ನಾವು ಲಿಂಗಸುಗೂರಿನಿಂದ ನಮ್ಮ ಪಾದಯಾತ್ರೆ ಪ್ರಾರಂಭಿಸುತ್ತಿದ್ದೇವೆ. ಇಂದು ನಾನು ಲಿಂಗಸುಗೂರು ತಾಲ್ಲೂಕಿನ ಪ್ರಸಿದ್ಧ ಅಮರೇಶ್ವರ ದೇವಸ್ಥಾನಕ್ಕೆ ಭೇಟಿ ನೀಡಿದ್ದೇನೆ. ಕರ್ನಾಟಕದ ಜನರು ಈಗಾಗಲೇ ಈ ಭ್ರಷ್ಟ ಜನವಿರೋಧಿ, ದಲಿತ ವಿರೋಧಿ ಕಾಂಗ್ರೆಸ್ ಸರ್ಕಾರವನ್ನು ಕಿತ್ತೊಗೆಯಲು ನಿರ್ಧರಿಸಿದ್ದಾರೆ. ಸರ್ಕಾರವನ್ನು ಕಿತ್ತೊಗೆಯುವವರೆಗೆ ಈ ಪಾದಯಾತ್ರೆ ಮುಂದುವರಿಯಲಿದೆ' ಎಂದು ವಿಜಯೇಂದ್ರ ಹೇಳಿದರು. 'ಅವರು ಬರ ಪರಿಸ್ಥಿತಿಯ ಬಗ್ಗೆ ಕಿಂಚಿತ್ತೂ ತಲೆಕೆಡಿಸಿಕೊಳ್ಳುತ್ತಿಲ್ಲ ಮತ್ತು 2.5 ಲಕ್ಷ ಹುದ್ದೆಗಳನ್ನು ಭರ್ತಿ ಮಾಡಿಲ್ಲ' ಎಂದು ಅವರು ಹೇಳಿದರು. ಕರ್ನಾಟಕದ ಮಾಜಿ ಮುಖ್ಯಮಂತ್ರಿ ಬಿಎಸ್ ಯಡಿಯೂರಪ್ಪ ಪಾದಯಾತ್ರೆಗೆ ಚಾಲನೆ ನೀಡಲಿದ್ದಾರೆ.
